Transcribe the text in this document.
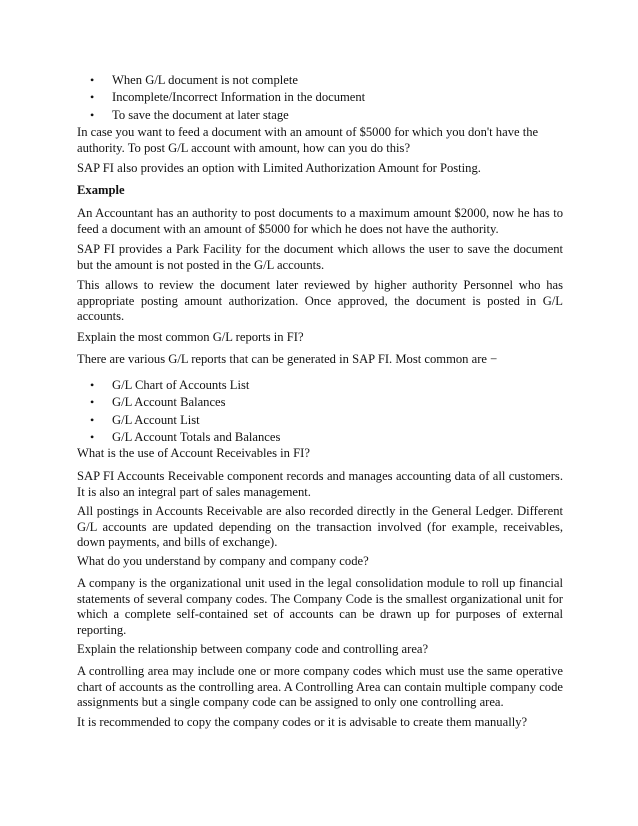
• When G/L document is not complete
• Incomplete/Incorrect Information in the document
• To save the document at later stage

In case you want to feed a document with an amount of $5000 for which you don't have the authority. To post G/L account with amount, how can you do this?

SAP FI also provides an option with Limited Authorization Amount for Posting.

Example

An Accountant has an authority to post documents to a maximum amount $2000, now he has to feed a document with an amount of $5000 for which he does not have the authority.

SAP FI provides a Park Facility for the document which allows the user to save the document but the amount is not posted in the G/L accounts.

This allows to review the document later reviewed by higher authority Personnel who has appropriate posting amount authorization. Once approved, the document is posted in G/L accounts.

Explain the most common G/L reports in FI?

There are various G/L reports that can be generated in SAP FI. Most common are −

• G/L Chart of Accounts List
• G/L Account Balances
• G/L Account List
• G/L Account Totals and Balances

What is the use of Account Receivables in FI?

SAP FI Accounts Receivable component records and manages accounting data of all customers. It is also an integral part of sales management.

All postings in Accounts Receivable are also recorded directly in the General Ledger. Different G/L accounts are updated depending on the transaction involved (for example, receivables, down payments, and bills of exchange).

What do you understand by company and company code?

A company is the organizational unit used in the legal consolidation module to roll up financial statements of several company codes. The Company Code is the smallest organizational unit for which a complete self-contained set of accounts can be drawn up for purposes of external reporting.

Explain the relationship between company code and controlling area?

A controlling area may include one or more company codes which must use the same operative chart of accounts as the controlling area. A Controlling Area can contain multiple company code assignments but a single company code can be assigned to only one controlling area.

It is recommended to copy the company codes or it is advisable to create them manually?
